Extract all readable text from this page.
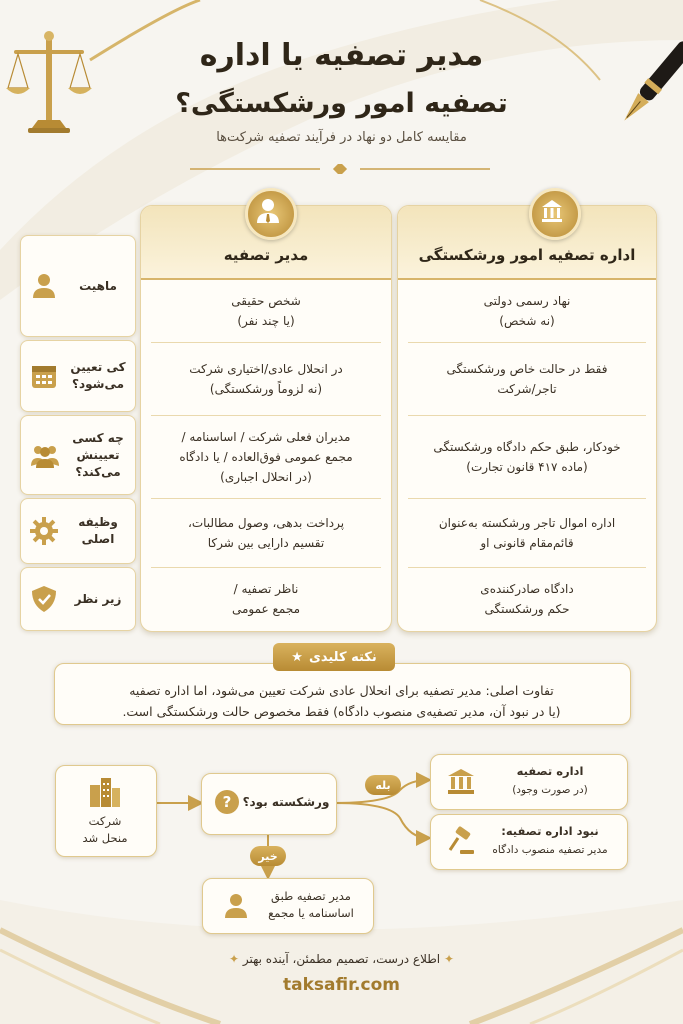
مدیر تصفیه یا اداره
تصفیه امور ورشکستگی؟
مقایسه کامل دو نهاد در فرآیند تصفیه شرکت‌ها
اداره تصفیه امور ورشکستگی
نهاد رسمی دولتی
(نه شخص)
فقط در حالت خاص ورشکستگی
تاجر/شرکت
خودکار، طبق حکم دادگاه ورشکستگی
(ماده ۴۱۷ قانون تجارت)
اداره اموال تاجر ورشکسته به‌عنوان
قائم‌مقام قانونی او
دادگاه صادرکننده‌ی
حکم ورشکستگی
مدیر تصفیه
شخص حقیقی
(یا چند نفر)
در انحلال عادی/اختیاری شرکت
(نه لزوماً ورشکستگی)
مدیران فعلی شرکت / اساسنامه /
مجمع عمومی فوق‌العاده / یا دادگاه
(در انحلال اجباری)
پرداخت بدهی، وصول مطالبات،
تقسیم دارایی بین شرکا
ناظر تصفیه /
مجمع عمومی
ماهیت
کی تعیین
می‌شود؟
چه کسی
تعیینش
می‌کند؟
وظیفه اصلی
زیر نظر
نکته کلیدی
★
تفاوت اصلی: مدیر تصفیه برای انحلال عادی شرکت تعیین می‌شود، اما اداره تصفیه
(یا در نبود آن، مدیر تصفیه‌ی منصوب دادگاه) فقط مخصوص حالت ورشکستگی است.
شرکت
منحل شد
? ورشکسته بود؟
بله
خیر
اداره تصفیه
(در صورت وجود)
نبود اداره تصفیه:
مدیر تصفیه منصوب دادگاه
مدیر تصفیه طبق
اساسنامه یا مجمع
✦ اطلاع درست، تصمیم مطمئن، آینده بهتر ✦
taksafir.com
